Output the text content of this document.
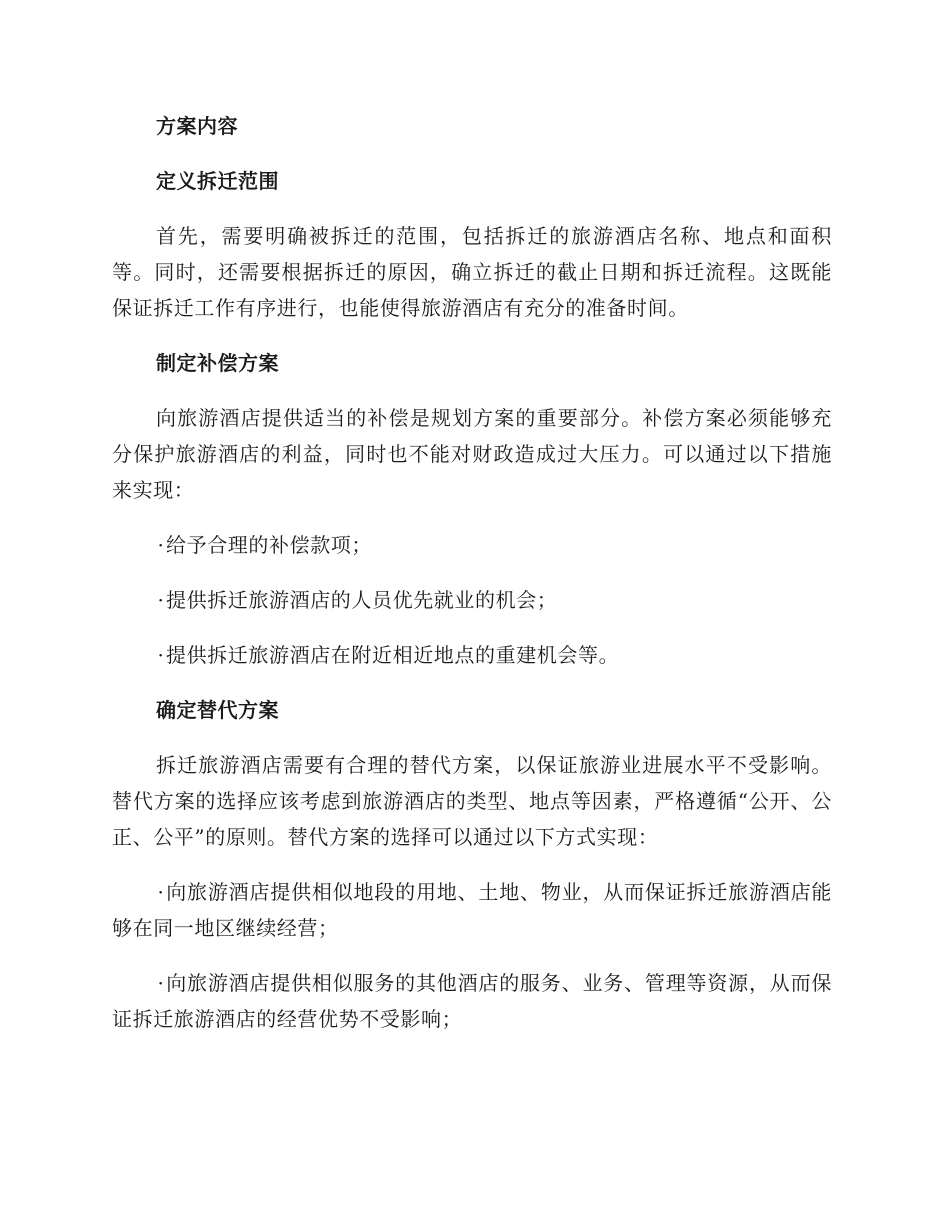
方案内容
定义拆迁范围

首先，需要明确被拆迁的范围，包括拆迁的旅游酒店名称、地点和面积等。同时，还需要根据拆迁的原因，确立拆迁的截止日期和拆迁流程。这既能保证拆迁工作有序进行，也能使得旅游酒店有充分的准备时间。

制定补偿方案

向旅游酒店提供适当的补偿是规划方案的重要部分。补偿方案必须能够充分保护旅游酒店的利益，同时也不能对财政造成过大压力。可以通过以下措施来实现：

·给予合理的补偿款项；

·提供拆迁旅游酒店的人员优先就业的机会；

·提供拆迁旅游酒店在附近相近地点的重建机会等。

确定替代方案

拆迁旅游酒店需要有合理的替代方案，以保证旅游业进展水平不受影响。替代方案的选择应该考虑到旅游酒店的类型、地点等因素，严格遵循“公开、公正、公平”的原则。替代方案的选择可以通过以下方式实现：

·向旅游酒店提供相似地段的用地、土地、物业，从而保证拆迁旅游酒店能够在同一地区继续经营；

·向旅游酒店提供相似服务的其他酒店的服务、业务、管理等资源，从而保证拆迁旅游酒店的经营优势不受影响；
